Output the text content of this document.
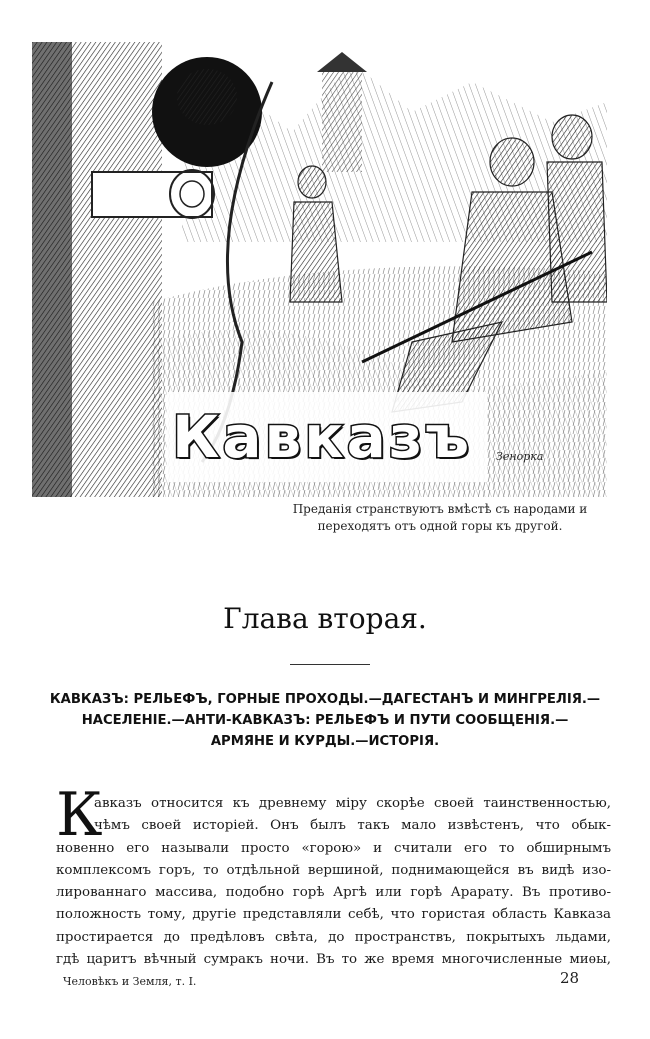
Кавказъ Зенорка
Преданія странствуютъ вмѣстѣ съ народами и
переходятъ отъ одной горы къ другой.
Глава вторая.
КАВКАЗЪ: РЕЛЬЕФЪ, ГОРНЫЕ ПРОХОДЫ.—ДАГЕСТАНЪ И МИНГРЕЛІЯ.—
НАСЕЛЕНІЕ.—АНТИ-КАВКАЗЪ: РЕЛЬЕФЪ И ПУТИ СООБЩЕНІЯ.—
АРМЯНЕ И КУРДЫ.—ИСТОРІЯ.
К
авказъ относится къ древнему міру скорѣе своей таинственностью,
чѣмъ своей исторіей. Онъ былъ такъ мало извѣстенъ, что обык-
новенно его называли просто «горою» и считали его то обширнымъ
комплексомъ горъ, то отдѣльной вершиной, поднимающейся въ видѣ изо-
лированнаго массива, подобно горѣ Аргѣ или горѣ Арарату. Въ противо-
положность тому, другіе представляли себѣ, что гористая область Кавказа
простирается до предѣловъ свѣта, до пространствъ, покрытыхъ льдами,
гдѣ царитъ вѣчный сумракъ ночи. Въ то же время многочисленные миѳы,
Человѣкъ и Земля, т. I.	28
